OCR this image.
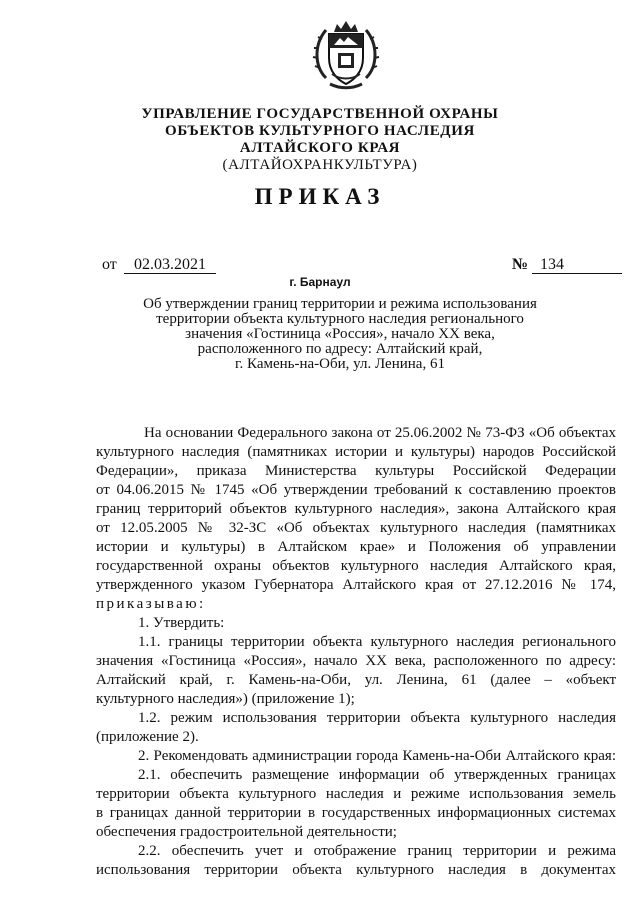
УПРАВЛЕНИЕ ГОСУДАРСТВЕННОЙ ОХРАНЫ
ОБЪЕКТОВ КУЛЬТУРНОГО НАСЛЕДИЯ
АЛТАЙСКОГО КРАЯ
(АЛТАЙОХРАНКУЛЬТУРА)
ПРИКАЗ
от	02.03.2021	№ 134
г. Барнаул
Об утверждении границ территории и режима использования
территории объекта культурного наследия регионального
значения «Гостиница «Россия», начало XX века,
расположенного по адресу: Алтайский край,
г. Камень-на-Оби, ул. Ленина, 61

На основании Федерального закона от 25.06.2002 № 73-ФЗ «Об объектах

культурного наследия (памятниках истории и культуры) народов Российской

Федерации», приказа Министерства культуры Российской Федерации

от 04.06.2015 № 1745 «Об утверждении требований к составлению проектов

границ территорий объектов культурного наследия», закона Алтайского края

от 12.05.2005 № 32-ЗС «Об объектах культурного наследия (памятниках

истории и культуры) в Алтайском крае» и Положения об управлении

государственной охраны объектов культурного наследия Алтайского края,

утвержденного указом Губернатора Алтайского края от 27.12.2016 № 174,

приказываю:

1. Утвердить:

1.1. границы территории объекта культурного наследия регионального

значения «Гостиница «Россия», начало XX века, расположенного по адресу:

Алтайский край, г. Камень-на-Оби, ул. Ленина, 61 (далее – «объект

культурного наследия») (приложение 1);

1.2. режим использования территории объекта культурного наследия

(приложение 2).

2. Рекомендовать администрации города Камень-на-Оби Алтайского края:

2.1. обеспечить размещение информации об утвержденных границах

территории объекта культурного наследия и режиме использования земель

в границах данной территории в государственных информационных системах

обеспечения градостроительной деятельности;

2.2. обеспечить учет и отображение границ территории и режима

использования территории объекта культурного наследия в документах
